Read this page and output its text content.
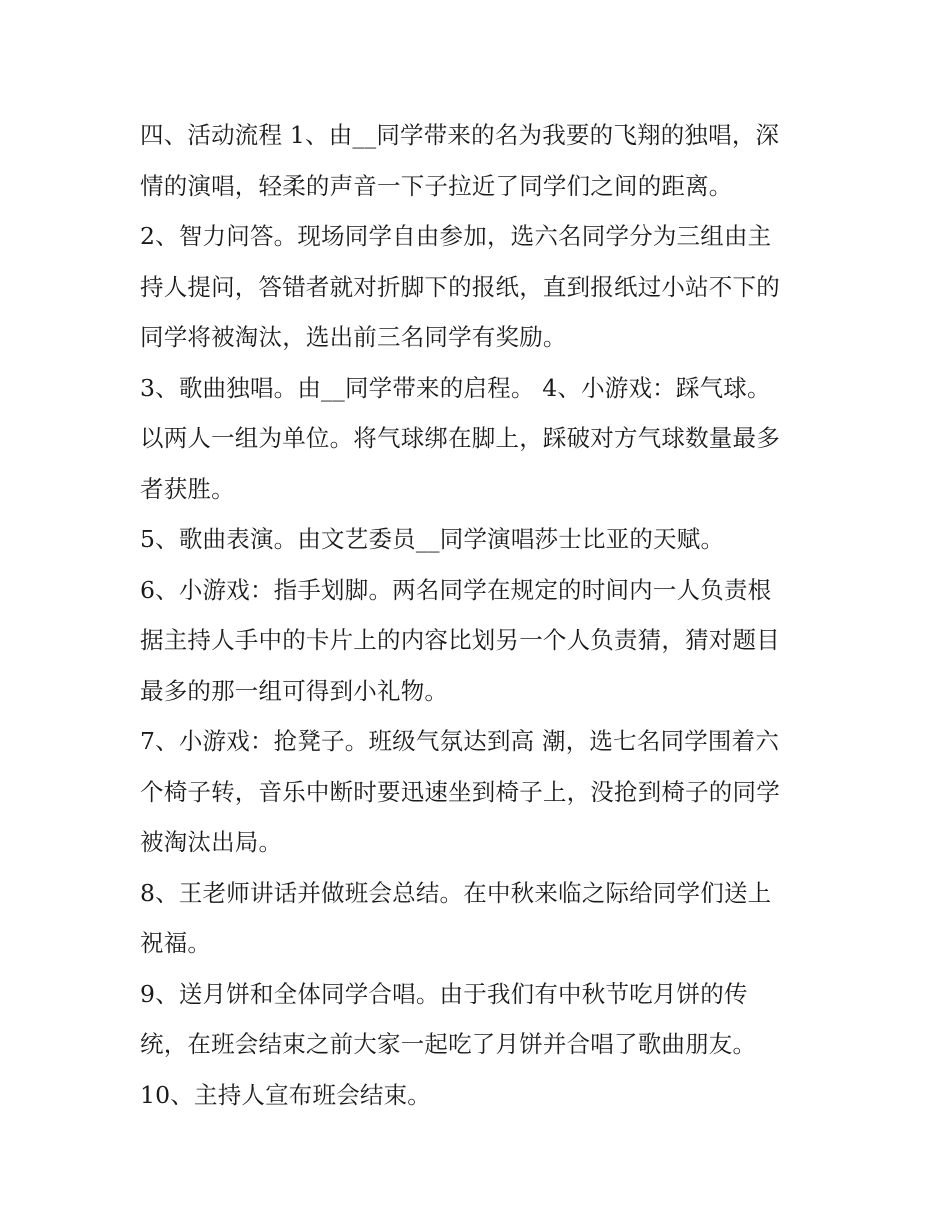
四、活动流程 1、由__同学带来的名为我要的飞翔的独唱，深
情的演唱，轻柔的声音一下子拉近了同学们之间的距离。
2、智力问答。现场同学自由参加，选六名同学分为三组由主
持人提问，答错者就对折脚下的报纸，直到报纸过小站不下的
同学将被淘汰，选出前三名同学有奖励。
3、歌曲独唱。由__同学带来的启程。 4、小游戏：踩气球。
以两人一组为单位。将气球绑在脚上，踩破对方气球数量最多
者获胜。
5、歌曲表演。由文艺委员__同学演唱莎士比亚的天赋。
6、小游戏：指手划脚。两名同学在规定的时间内一人负责根
据主持人手中的卡片上的内容比划另一个人负责猜，猜对题目
最多的那一组可得到小礼物。
7、小游戏：抢凳子。班级气氛达到高 潮，选七名同学围着六
个椅子转，音乐中断时要迅速坐到椅子上，没抢到椅子的同学
被淘汰出局。
8、王老师讲话并做班会总结。在中秋来临之际给同学们送上
祝福。
9、送月饼和全体同学合唱。由于我们有中秋节吃月饼的传
统，在班会结束之前大家一起吃了月饼并合唱了歌曲朋友。
10、主持人宣布班会结束。
